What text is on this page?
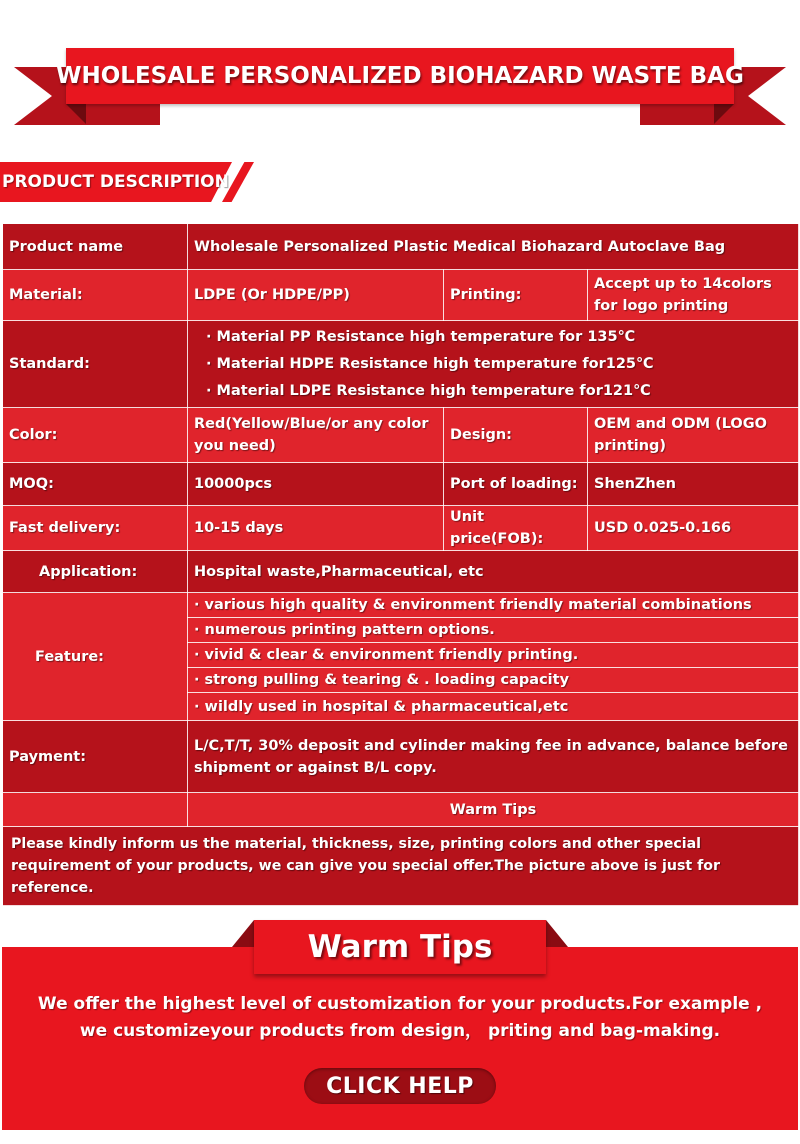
WHOLESALE PERSONALIZED BIOHAZARD WASTE BAG
PRODUCT DESCRIPTION
Product name	Wholesale Personalized Plastic Medical Biohazard Autoclave Bag		
Material:	LDPE (Or HDPE/PP)	Printing:	Accept up to 14colors for logo printing
Standard:	· Material PP Resistance high temperature for 135℃
· Material HDPE Resistance high temperature for125℃
· Material LDPE Resistance high temperature for121℃		

Color:	Red(Yellow/Blue/or any color you need)	Design:	OEM and ODM (LOGO printing)
MOQ:	10000pcs	Port of loading:	ShenZhen
Fast delivery:	10-15 days	Unit price(FOB):	USD 0.025-0.166
Application:	Hospital waste,Pharmaceutical, etc		
Feature:	· various high quality & environment friendly material combinations		
	· numerous printing pattern options.		
	· vivid & clear & environment friendly printing.		
	· strong pulling & tearing & . loading capacity		
	· wildly used in hospital & pharmaceutical,etc		
Payment:	L/C,T/T, 30% deposit and cylinder making fee in advance, balance before shipment or against B/L copy.		
	Warm Tips		
Please kindly inform us the material, thickness, size, printing colors and other special requirement of your products, we can give you special offer.The picture above is just for reference.			
Warm Tips
We offer the highest level of customization for your products.For example ,
we customizeyour products from design， priting and bag-making.
CLICK HELP
